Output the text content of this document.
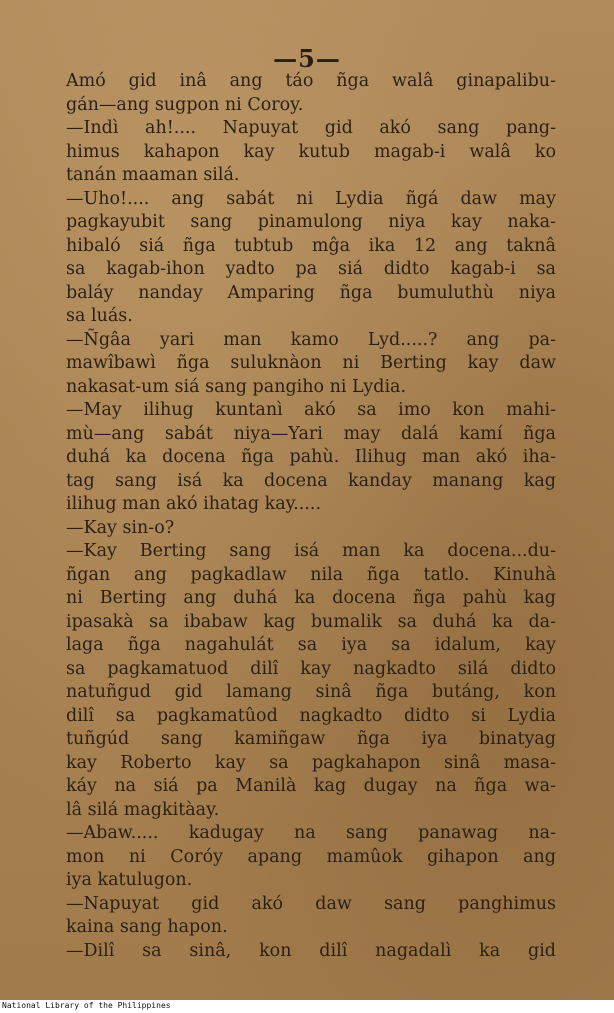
—5—
Amó gid inâ ang táo ñga walâ ginapalibu-
gán—ang sugpon ni Coroy.
—Indì ah!.... Napuyat gid akó sang pang-
himus kahapon kay kutub magab-i walâ ko
tanán maaman silá.
—Uho!.... ang sabát ni Lydia ñgá daw may
pagkayubit sang pinamulong niya kay naka-
hibaló siá ñga tubtub mĝa ika 12 ang taknâ
sa kagab-ihon yadto pa siá didto kagab-i sa
baláy nanday Amparing ñga bumuluthù niya
sa luás.
—Ñgâa yari man kamo Lyd.....? ang pa-
mawîbawì ñga suluknàon ni Berting kay daw
nakasat-um siá sang pangiho ni Lydia.
—May ilihug kuntanì akó sa imo kon mahi-
mù—ang sabát niya—Yari may dalá kamí ñga
duhá ka docena ñga pahù. Ilihug man akó iha-
tag sang isá ka docena kanday manang kag
ilihug man akó ihatag kay.....
—Kay sin-o?
—Kay Berting sang isá man ka docena...du-
ñgan ang pagkadlaw nila ñga tatlo. Kinuhà
ni Berting ang duhá ka docena ñga pahù kag
ipasakà sa ibabaw kag bumalik sa duhá ka da-
laga ñga nagahulát sa iya sa idalum, kay
sa pagkamatuod dilî kay nagkadto silá didto
natuñgud gid lamang sinâ ñga butáng, kon
dilî sa pagkamatûod nagkadto didto si Lydia
tuñgúd sang kamiñgaw ñga iya binatyag
kay Roberto kay sa pagkahapon sinâ masa-
káy na siá pa Manilà kag dugay na ñga wa-
lâ silá magkitàay.
—Abaw..... kadugay na sang panawag na-
mon ni Coróy apang mamûok gihapon ang
iya katulugon.
—Napuyat gid akó daw sang panghimus
kaina sang hapon.
—Dilî sa sinâ, kon dilî nagadalì ka gid
National Library of the Philippines
